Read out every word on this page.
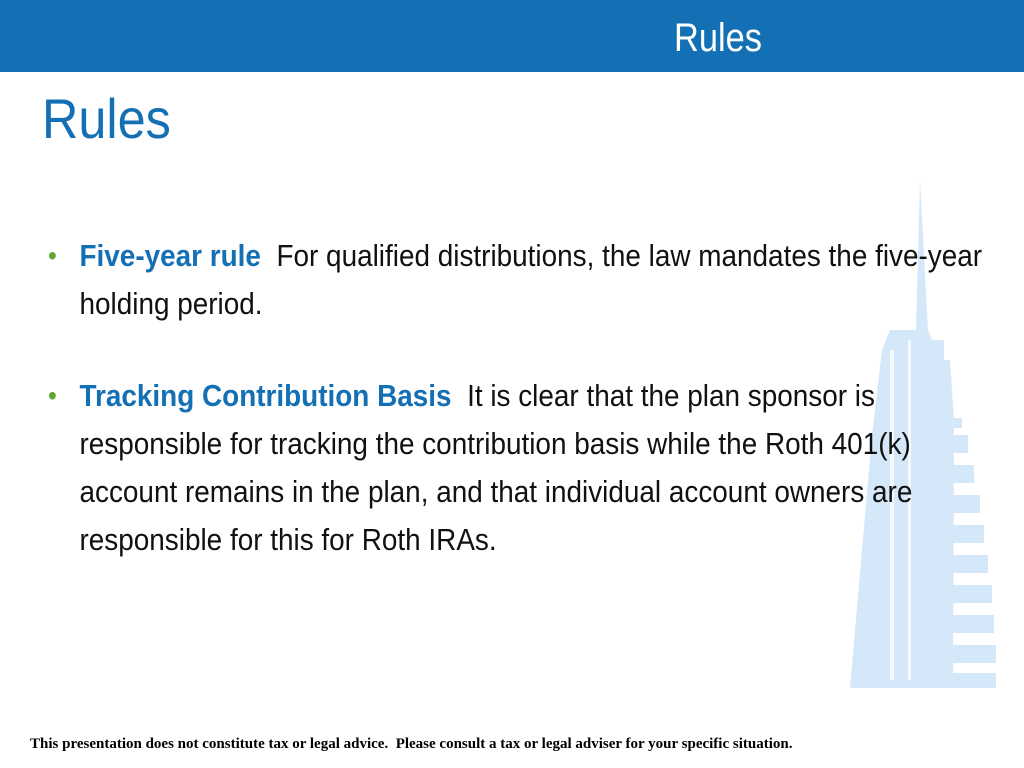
Rules
Rules
• Five-year rule For qualified distributions, the law mandates the five-year holding period.
• Tracking Contribution Basis It is clear that the plan sponsor is responsible for tracking the contribution basis while the Roth 401(k) account remains in the plan, and that individual account owners are responsible for this for Roth IRAs.
This presentation does not constitute tax or legal advice.  Please consult a tax or legal adviser for your specific situation.
